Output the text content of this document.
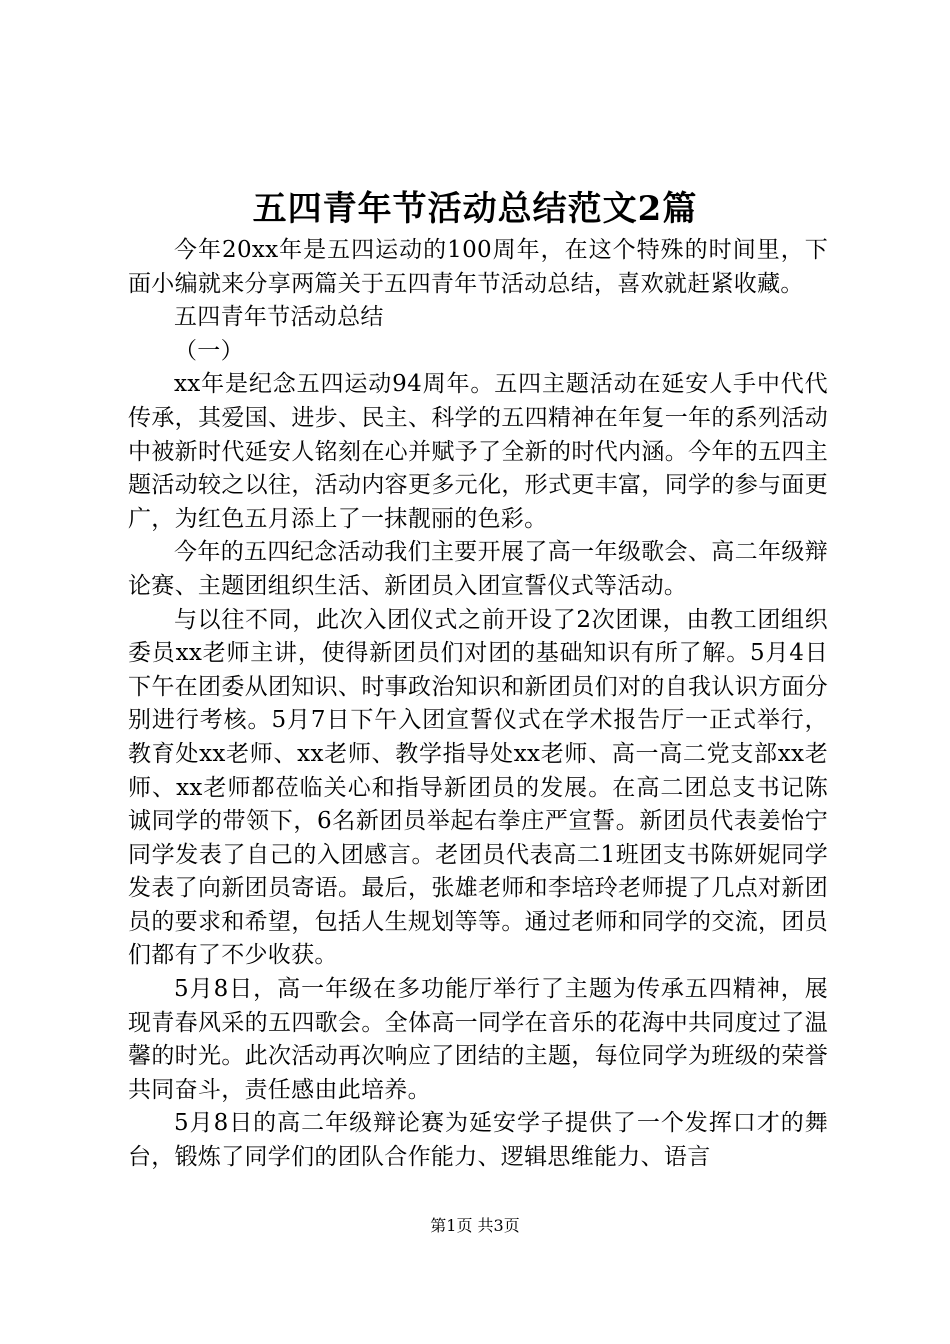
五四青年节活动总结范文2篇

今年20xx年是五四运动的100周年，在这个特殊的时间里，下面小编就来分享两篇关于五四青年节活动总结，喜欢就赶紧收藏。

五四青年节活动总结

（一）

xx年是纪念五四运动94周年。五四主题活动在延安人手中代代传承，其爱国、进步、民主、科学的五四精神在年复一年的系列活动中被新时代延安人铭刻在心并赋予了全新的时代内涵。今年的五四主题活动较之以往，活动内容更多元化，形式更丰富，同学的参与面更广，为红色五月添上了一抹靓丽的色彩。

今年的五四纪念活动我们主要开展了高一年级歌会、高二年级辩论赛、主题团组织生活、新团员入团宣誓仪式等活动。

与以往不同，此次入团仪式之前开设了2次团课，由教工团组织委员xx老师主讲，使得新团员们对团的基础知识有所了解。5月4日下午在团委从团知识、时事政治知识和新团员们对的自我认识方面分别进行考核。5月7日下午入团宣誓仪式在学术报告厅一正式举行，教育处xx老师、xx老师、教学指导处xx老师、高一高二党支部xx老师、xx老师都莅临关心和指导新团员的发展。在高二团总支书记陈诚同学的带领下，6名新团员举起右拳庄严宣誓。新团员代表姜怡宁同学发表了自己的入团感言。老团员代表高二1班团支书陈妍妮同学发表了向新团员寄语。最后，张雄老师和李培玲老师提了几点对新团员的要求和希望，包括人生规划等等。通过老师和同学的交流，团员们都有了不少收获。

5月8日，高一年级在多功能厅举行了主题为传承五四精神，展现青春风采的五四歌会。全体高一同学在音乐的花海中共同度过了温馨的时光。此次活动再次响应了团结的主题，每位同学为班级的荣誉共同奋斗，责任感由此培养。

5月8日的高二年级辩论赛为延安学子提供了一个发挥口才的舞台，锻炼了同学们的团队合作能力、逻辑思维能力、语言

第1页 共3页
